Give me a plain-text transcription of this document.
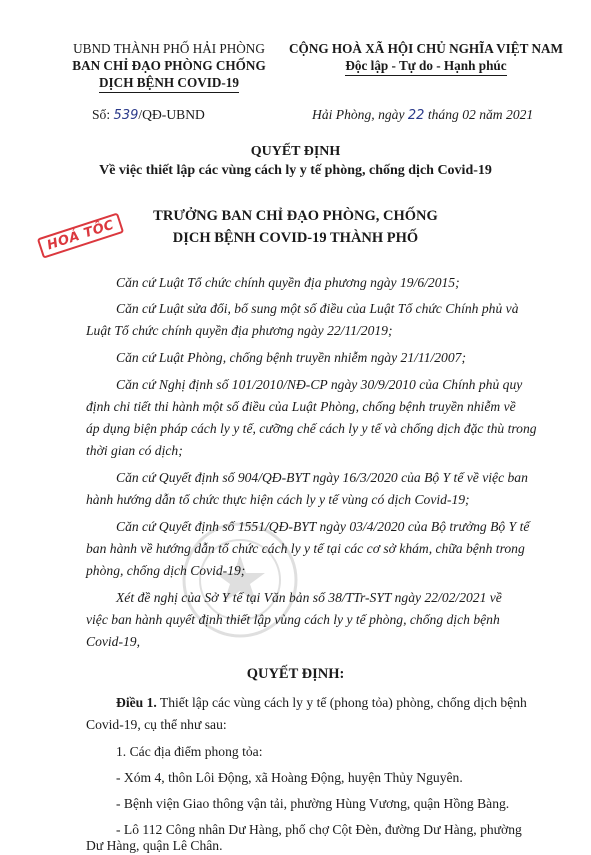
UBND THÀNH PHỐ HẢI PHÒNG
BAN CHỈ ĐẠO PHÒNG CHỐNG
DỊCH BỆNH COVID-19
Số: 539/QĐ-UBND
CỘNG HOÀ XÃ HỘI CHỦ NGHĨA VIỆT NAM
Độc lập - Tự do - Hạnh phúc
Hải Phòng, ngày 22 tháng 02 năm 2021
QUYẾT ĐỊNH
Về việc thiết lập các vùng cách ly y tế phòng, chống dịch Covid-19
HOẢ TỐC
TRƯỞNG BAN CHỈ ĐẠO PHÒNG, CHỐNG
DỊCH BỆNH COVID-19 THÀNH PHỐ
Căn cứ Luật Tổ chức chính quyền địa phương ngày 19/6/2015;
Căn cứ Luật sửa đổi, bổ sung một số điều của Luật Tổ chức Chính phủ và
Luật Tổ chức chính quyền địa phương ngày 22/11/2019;
Căn cứ Luật Phòng, chống bệnh truyền nhiễm ngày 21/11/2007;
Căn cứ Nghị định số 101/2010/NĐ-CP ngày 30/9/2010 của Chính phủ quy
định chi tiết thi hành một số điều của Luật Phòng, chống bệnh truyền nhiễm về
áp dụng biện pháp cách ly y tế, cưỡng chế cách ly y tế và chống dịch đặc thù trong
thời gian có dịch;
Căn cứ Quyết định số 904/QĐ-BYT ngày 16/3/2020 của Bộ Y tế về việc ban
hành hướng dẫn tổ chức thực hiện cách ly y tế vùng có dịch Covid-19;
Căn cứ Quyết định số 1551/QĐ-BYT ngày 03/4/2020 của Bộ trưởng Bộ Y tế
ban hành về hướng dẫn tổ chức cách ly y tế tại các cơ sở khám, chữa bệnh trong
phòng, chống dịch Covid-19;
Xét đề nghị của Sở Y tế tại Văn bản số 38/TTr-SYT ngày 22/02/2021 về
việc ban hành quyết định thiết lập vùng cách ly y tế phòng, chống dịch bệnh
Covid-19,
QUYẾT ĐỊNH:
Điều 1. Thiết lập các vùng cách ly y tế (phong tỏa) phòng, chống dịch bệnh
Covid-19, cụ thể như sau:
1. Các địa điểm phong tỏa:
- Xóm 4, thôn Lôi Động, xã Hoàng Động, huyện Thủy Nguyên.
- Bệnh viện Giao thông vận tải, phường Hùng Vương, quận Hồng Bàng.
- Lô 112 Công nhân Dư Hàng, phố chợ Cột Đèn, đường Dư Hàng, phường
Dư Hàng, quận Lê Chân.
